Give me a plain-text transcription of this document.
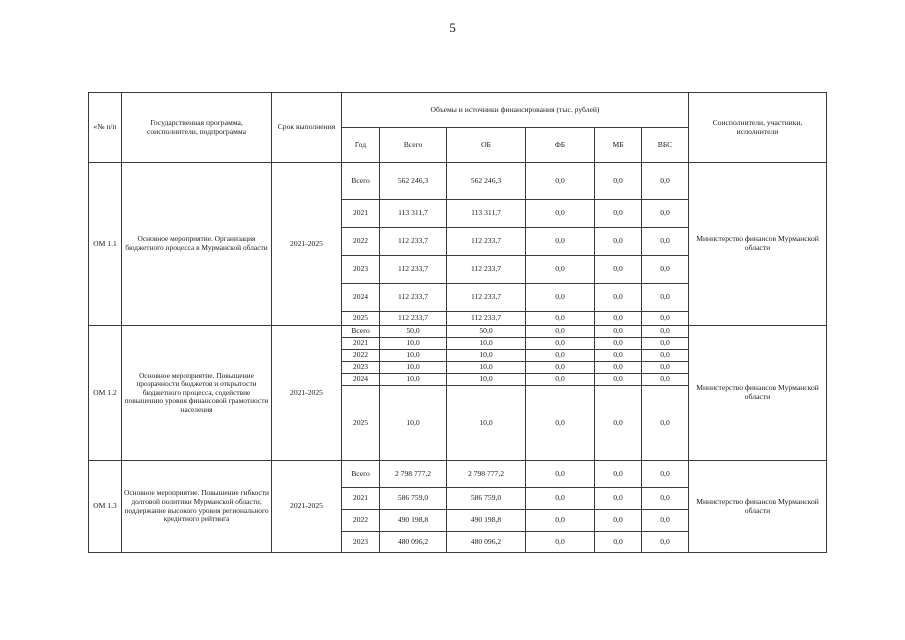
5
«№ п/п	Государственная программа, соисполнители, подпрограмма	Срок выполнения	Объемы и источники финансирования (тыс. рублей)						Соисполнители, участники, исполнители
			Год	Всего	ОБ	ФБ	МБ	ВБС	
ОМ 1.1	Основное мероприятие. Организация бюджетного процесса в Мурманской области	2021-2025	Всего	562 246,3	562 246,3	0,0	0,0	0,0	Министерство финансов Мурманской области
			2021	113 311,7	113 311,7	0,0	0,0	0,0	
			2022	112 233,7	112 233,7	0,0	0,0	0,0	
			2023	112 233,7	112 233,7	0,0	0,0	0,0	
			2024	112 233,7	112 233,7	0,0	0,0	0,0	
			2025	112 233,7	112 233,7	0,0	0,0	0,0	
ОМ 1.2	Основное мероприятие. Повышение прозрачности бюджетов и открытости бюджетного процесса, содействие повышению уровня финансовой грамотности населения	2021-2025	Всего	50,0	50,0	0,0	0,0	0,0	Министерство финансов Мурманской области
			2021	10,0	10,0	0,0	0,0	0,0	
			2022	10,0	10,0	0,0	0,0	0,0	
			2023	10,0	10,0	0,0	0,0	0,0	
			2024	10,0	10,0	0,0	0,0	0,0	
			2025	10,0	10,0	0,0	0,0	0,0	
ОМ 1.3	Основное мероприятие. Повышение гибкости долговой политики Мурманской области, поддержание высокого уровня регионального кредитного рейтинга	2021-2025	Всего	2 798 777,2	2 798 777,2	0,0	0,0	0,0	Министерство финансов Мурманской области
			2021	586 759,0	586 759,0	0,0	0,0	0,0	
			2022	490 198,8	490 198,8	0,0	0,0	0,0	
			2023	480 096,2	480 096,2	0,0	0,0	0,0	
